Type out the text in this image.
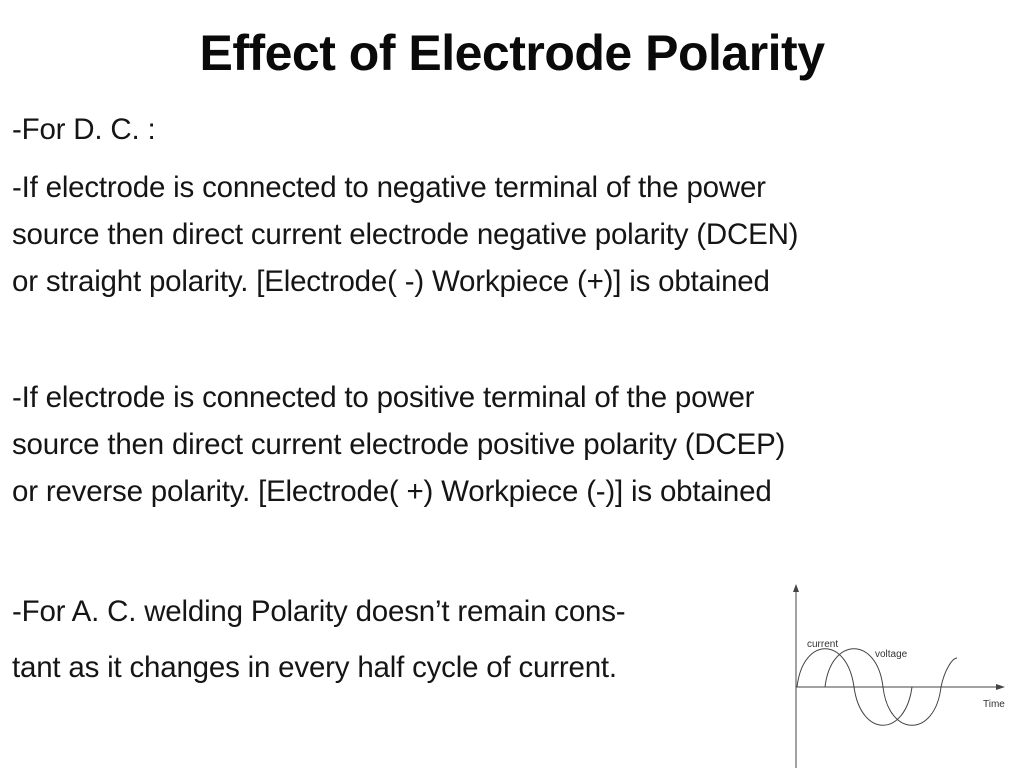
Effect of Electrode Polarity
-For D. C. :
-If electrode is connected to negative terminal of the power
source then direct current electrode negative polarity (DCEN)
or straight polarity. [Electrode( -) Workpiece (+)] is obtained
-If electrode is connected to positive terminal of the power
source then direct current electrode positive polarity (DCEP)
or reverse polarity. [Electrode( +) Workpiece (-)] is obtained
-For A. C. welding Polarity doesn’t remain cons-
tant as it changes in every half cycle of current.
current
voltage
Time
